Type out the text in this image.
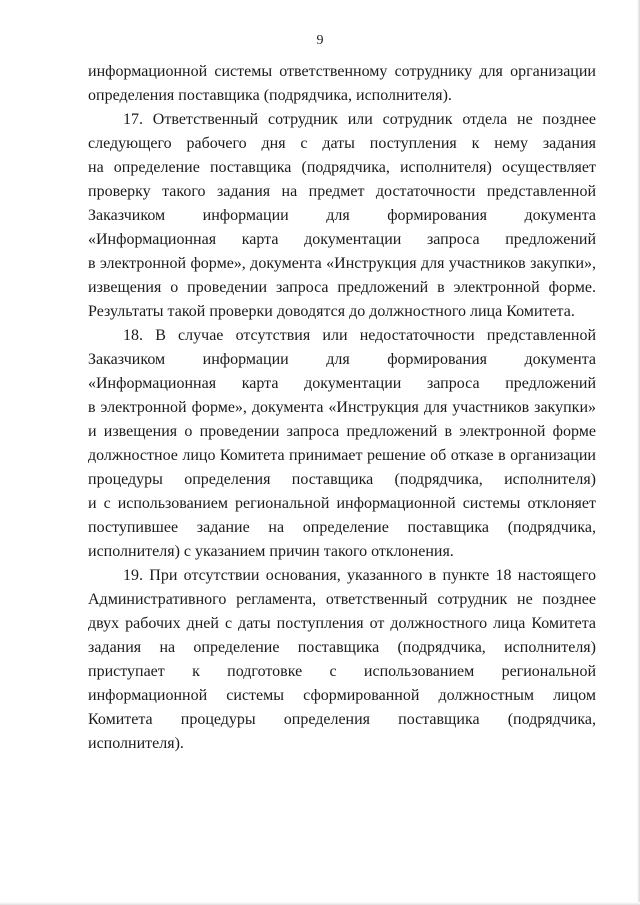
9
информационной системы ответственному сотруднику для организации
определения поставщика (подрядчика, исполнителя).
17. Ответственный сотрудник или сотрудник отдела не позднее
следующего рабочего дня с даты поступления к нему задания
на определение поставщика (подрядчика, исполнителя) осуществляет
проверку такого задания на предмет достаточности представленной
Заказчиком информации для формирования документа
«Информационная карта документации запроса предложений
в электронной форме», документа «Инструкция для участников закупки»,
извещения о проведении запроса предложений в электронной форме.
Результаты такой проверки доводятся до должностного лица Комитета.
18. В случае отсутствия или недостаточности представленной
Заказчиком информации для формирования документа
«Информационная карта документации запроса предложений
в электронной форме», документа «Инструкция для участников закупки»
и извещения о проведении запроса предложений в электронной форме
должностное лицо Комитета принимает решение об отказе в организации
процедуры определения поставщика (подрядчика, исполнителя)
и с использованием региональной информационной системы отклоняет
поступившее задание на определение поставщика (подрядчика,
исполнителя) с указанием причин такого отклонения.
19. При отсутствии основания, указанного в пункте 18 настоящего
Административного регламента, ответственный сотрудник не позднее
двух рабочих дней с даты поступления от должностного лица Комитета
задания на определение поставщика (подрядчика, исполнителя)
приступает к подготовке с использованием региональной
информационной системы сформированной должностным лицом
Комитета процедуры определения поставщика (подрядчика,
исполнителя).
